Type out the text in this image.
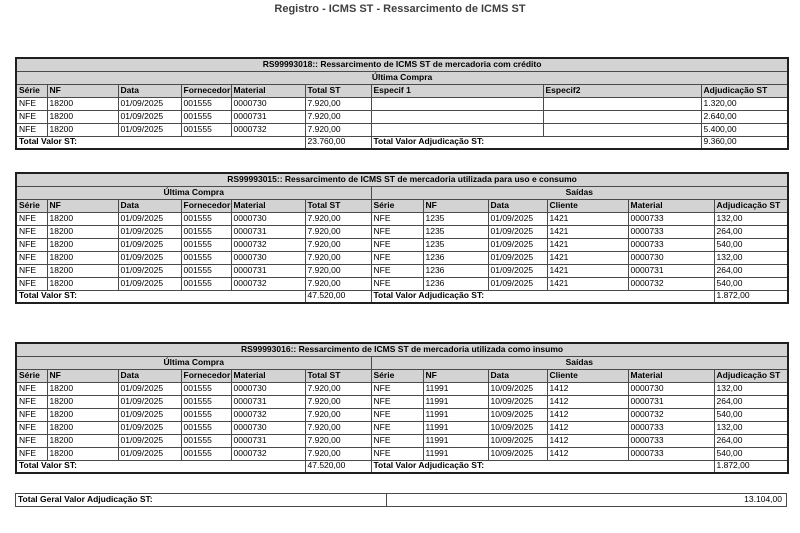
Registro - ICMS ST - Ressarcimento de ICMS ST
RS99993018:: Ressarcimento de ICMS ST de mercadoria com crédito								
Última Compra								
Série	NF	Data	Fornecedor	Material	Total ST	Especif 1	Especif2	Adjudicação ST
NFE	18200	01/09/2025	001555	0000730	7.920,00			1.320,00
NFE	18200	01/09/2025	001555	0000731	7.920,00			2.640,00
NFE	18200	01/09/2025	001555	0000732	7.920,00			5.400,00
Total Valor ST:					23.760,00	Total Valor Adjudicação ST:		9.360,00
RS99993015:: Ressarcimento de ICMS ST de mercadoria utilizada para uso e consumo											
Última Compra						Saídas					
Série	NF	Data	Fornecedor	Material	Total ST	Série	NF	Data	Cliente	Material	Adjudicação ST
NFE	18200	01/09/2025	001555	0000730	7.920,00	NFE	1235	01/09/2025	1421	0000733	132,00
NFE	18200	01/09/2025	001555	0000731	7.920,00	NFE	1235	01/09/2025	1421	0000733	264,00
NFE	18200	01/09/2025	001555	0000732	7.920,00	NFE	1235	01/09/2025	1421	0000733	540,00
NFE	18200	01/09/2025	001555	0000730	7.920,00	NFE	1236	01/09/2025	1421	0000730	132,00
NFE	18200	01/09/2025	001555	0000731	7.920,00	NFE	1236	01/09/2025	1421	0000731	264,00
NFE	18200	01/09/2025	001555	0000732	7.920,00	NFE	1236	01/09/2025	1421	0000732	540,00
Total Valor ST:					47.520,00	Total Valor Adjudicação ST:					1.872,00
RS99993016:: Ressarcimento de ICMS ST de mercadoria utilizada como insumo											
Última Compra						Saídas					
Série	NF	Data	Fornecedor	Material	Total ST	Série	NF	Data	Cliente	Material	Adjudicação ST
NFE	18200	01/09/2025	001555	0000730	7.920,00	NFE	11991	10/09/2025	1412	0000730	132,00
NFE	18200	01/09/2025	001555	0000731	7.920,00	NFE	11991	10/09/2025	1412	0000731	264,00
NFE	18200	01/09/2025	001555	0000732	7.920,00	NFE	11991	10/09/2025	1412	0000732	540,00
NFE	18200	01/09/2025	001555	0000730	7.920,00	NFE	11991	10/09/2025	1412	0000733	132,00
NFE	18200	01/09/2025	001555	0000731	7.920,00	NFE	11991	10/09/2025	1412	0000733	264,00
NFE	18200	01/09/2025	001555	0000732	7.920,00	NFE	11991	10/09/2025	1412	0000733	540,00
Total Valor ST:					47.520,00	Total Valor Adjudicação ST:					1.872,00
Total Geral Valor Adjudicação ST:	13.104,00
